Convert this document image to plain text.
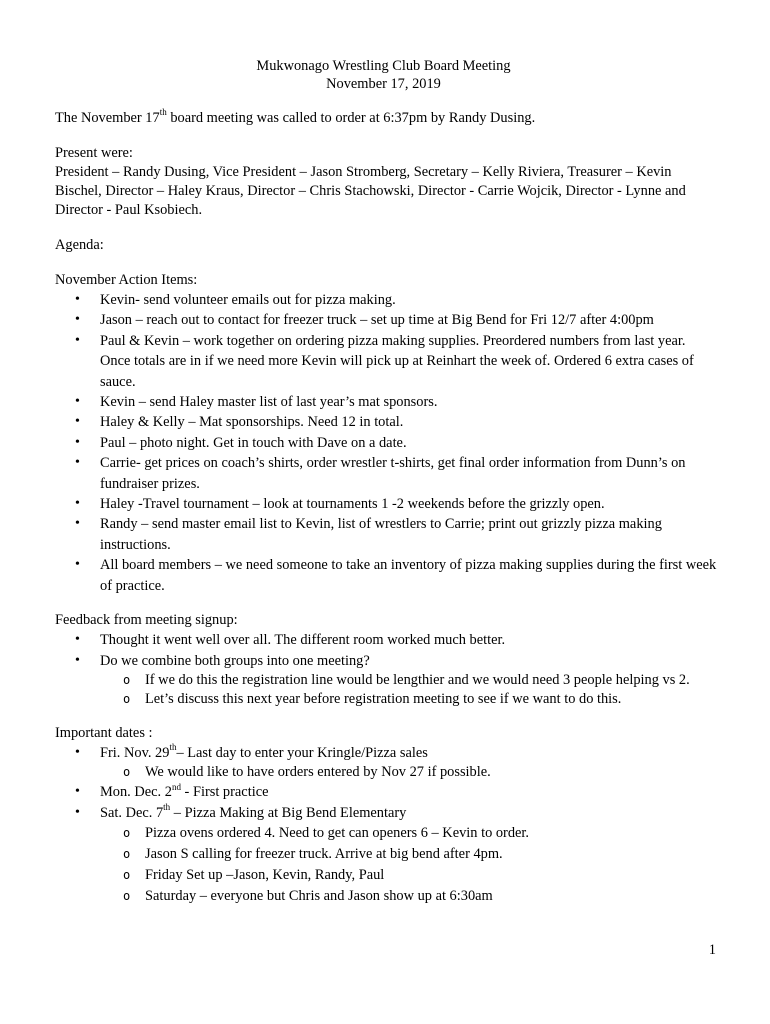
Mukwonago Wrestling Club Board Meeting
November 17, 2019

The November 17th board meeting was called to order at 6:37pm by Randy Dusing.

Present were:

President – Randy Dusing, Vice President – Jason Stromberg, Secretary – Kelly Riviera, Treasurer – Kevin Bischel, Director – Haley Kraus, Director – Chris Stachowski, Director - Carrie Wojcik, Director - Lynne and Director - Paul Ksobiech.

Agenda:

November Action Items:

• Kevin- send volunteer emails out for pizza making.
• Jason – reach out to contact for freezer truck – set up time at Big Bend for Fri 12/7 after 4:00pm
• Paul & Kevin – work together on ordering pizza making supplies. Preordered numbers from last year. Once totals are in if we need more Kevin will pick up at Reinhart the week of. Ordered 6 extra cases of sauce.
• Kevin – send Haley master list of last year’s mat sponsors.
• Haley & Kelly – Mat sponsorships. Need 12 in total.
• Paul – photo night. Get in touch with Dave on a date.
• Carrie- get prices on coach’s shirts, order wrestler t-shirts, get final order information from Dunn’s on fundraiser prizes.
• Haley -Travel tournament – look at tournaments 1 -2 weekends before the grizzly open.
• Randy – send master email list to Kevin, list of wrestlers to Carrie; print out grizzly pizza making instructions.
• All board members – we need someone to take an inventory of pizza making supplies during the first week of practice.

Feedback from meeting signup:

• Thought it went well over all. The different room worked much better.
• Do we combine both groups into one meeting?
o If we do this the registration line would be lengthier and we would need 3 people helping vs 2.
o Let’s discuss this next year before registration meeting to see if we want to do this.

Important dates :

• Fri. Nov. 29th– Last day to enter your Kringle/Pizza sales
o We would like to have orders entered by Nov 27 if possible.
• Mon. Dec. 2nd - First practice
• Sat. Dec. 7th – Pizza Making at Big Bend Elementary
o Pizza ovens ordered 4. Need to get can openers 6 – Kevin to order.
o Jason S calling for freezer truck. Arrive at big bend after 4pm.
o Friday Set up –Jason, Kevin, Randy, Paul
o Saturday – everyone but Chris and Jason show up at 6:30am
1
